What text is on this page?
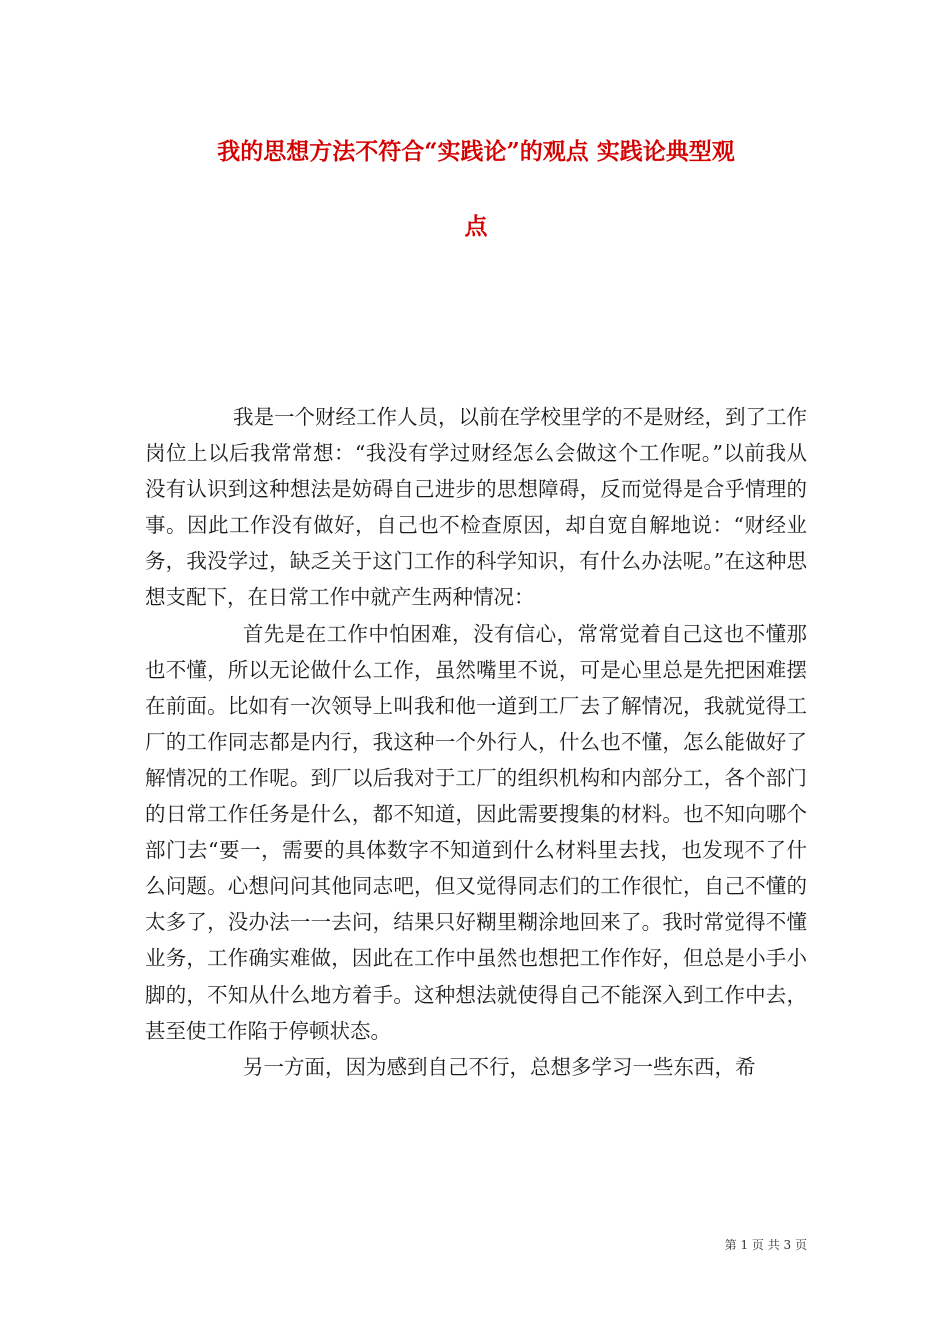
我的思想方法不符合“实践论”的观点 实践论典型观
点

我是一个财经工作人员，以前在学校里学的不是财经，到了工作岗位上以后我常常想：“我没有学过财经怎么会做这个工作呢。”以前我从没有认识到这种想法是妨碍自己进步的思想障碍，反而觉得是合乎情理的事。因此工作没有做好，自己也不检查原因，却自宽自解地说：“财经业务，我没学过，缺乏关于这门工作的科学知识，有什么办法呢。”在这种思想支配下，在日常工作中就产生两种情况：

首先是在工作中怕困难，没有信心，常常觉着自己这也不懂那也不懂，所以无论做什么工作，虽然嘴里不说，可是心里总是先把困难摆在前面。比如有一次领导上叫我和他一道到工厂去了解情况，我就觉得工厂的工作同志都是内行，我这种一个外行人，什么也不懂，怎么能做好了解情况的工作呢。到厂以后我对于工厂的组织机构和内部分工，各个部门的日常工作任务是什么，都不知道，因此需要搜集的材料。也不知向哪个部门去“要一，需要的具体数字不知道到什么材料里去找，也发现不了什么问题。心想问问其他同志吧，但又觉得同志们的工作很忙，自己不懂的太多了，没办法一一去问，结果只好糊里糊涂地回来了。我时常觉得不懂业务，工作确实难做，因此在工作中虽然也想把工作作好，但总是小手小脚的，不知从什么地方着手。这种想法就使得自己不能深入到工作中去，甚至使工作陷于停顿状态。

另一方面，因为感到自己不行，总想多学习一些东西，希

第 1 页 共 3 页
